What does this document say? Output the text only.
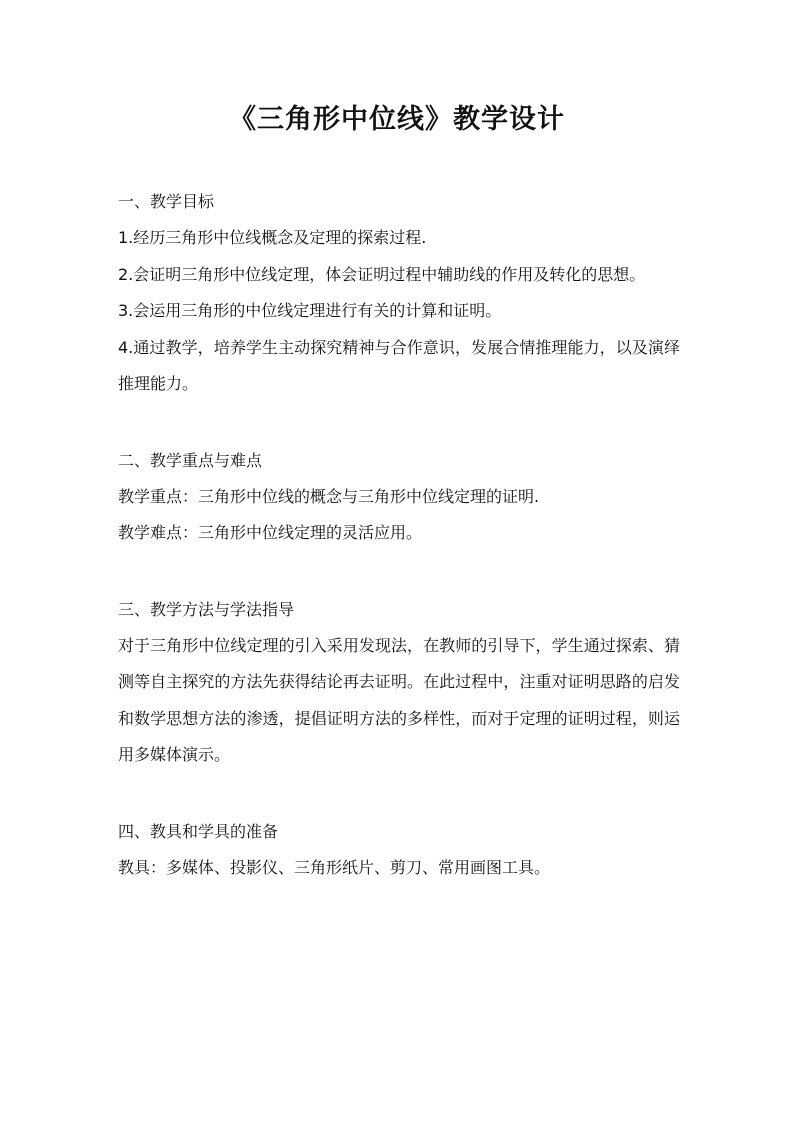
《三角形中位线》教学设计

一、教学目标

1.经历三角形中位线概念及定理的探索过程.

2.会证明三角形中位线定理，体会证明过程中辅助线的作用及转化的思想。

3.会运用三角形的中位线定理进行有关的计算和证明。

4.通过教学，培养学生主动探究精神与合作意识，发展合情推理能力，以及演绎推理能力。

二、教学重点与难点

教学重点：三角形中位线的概念与三角形中位线定理的证明.

教学难点：三角形中位线定理的灵活应用。

三、教学方法与学法指导

对于三角形中位线定理的引入采用发现法，在教师的引导下，学生通过探索、猜测等自主探究的方法先获得结论再去证明。在此过程中，注重对证明思路的启发和数学思想方法的渗透，提倡证明方法的多样性，而对于定理的证明过程，则运用多媒体演示。

四、教具和学具的准备

教具：多媒体、投影仪、三角形纸片、剪刀、常用画图工具。
